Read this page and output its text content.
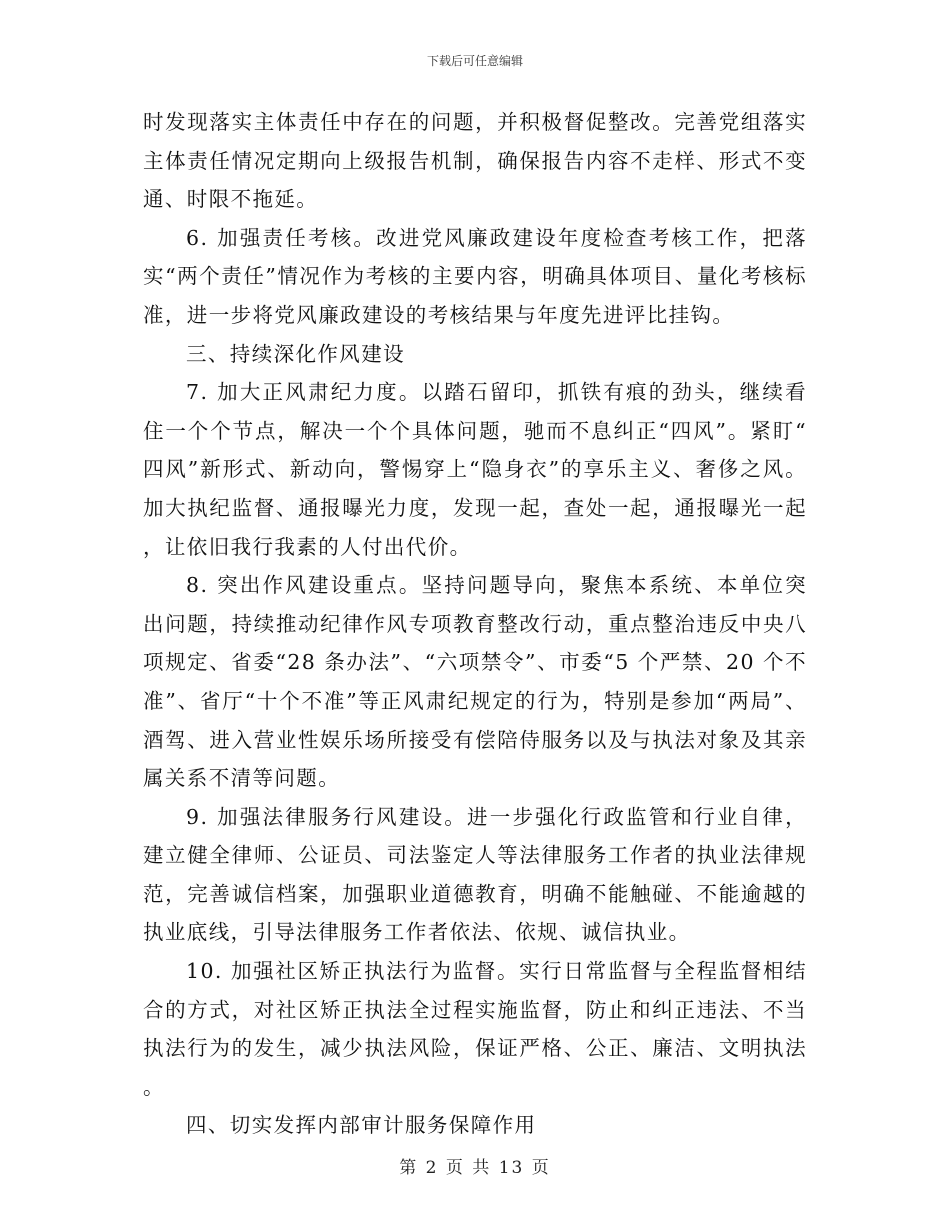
下载后可任意编辑

时发现落实主体责任中存在的问题，并积极督促整改。完善党组落实主体责任情况定期向上级报告机制，确保报告内容不走样、形式不变通、时限不拖延。

6. 加强责任考核。改进党风廉政建设年度检查考核工作，把落实“两个责任”情况作为考核的主要内容，明确具体项目、量化考核标准，进一步将党风廉政建设的考核结果与年度先进评比挂钩。

三、持续深化作风建设

7. 加大正风肃纪力度。以踏石留印，抓铁有痕的劲头，继续看住一个个节点，解决一个个具体问题，驰而不息纠正“四风”。紧盯“四风”新形式、新动向，警惕穿上“隐身衣”的享乐主义、奢侈之风。加大执纪监督、通报曝光力度，发现一起，查处一起，通报曝光一起，让依旧我行我素的人付出代价。

8. 突出作风建设重点。坚持问题导向，聚焦本系统、本单位突出问题，持续推动纪律作风专项教育整改行动，重点整治违反中央八项规定、省委“28 条办法”、“六项禁令”、市委“5 个严禁、20 个不准”、省厅“十个不准”等正风肃纪规定的行为，特别是参加“两局”、酒驾、进入营业性娱乐场所接受有偿陪侍服务以及与执法对象及其亲属关系不清等问题。

9. 加强法律服务行风建设。进一步强化行政监管和行业自律，建立健全律师、公证员、司法鉴定人等法律服务工作者的执业法律规范，完善诚信档案，加强职业道德教育，明确不能触碰、不能逾越的执业底线，引导法律服务工作者依法、依规、诚信执业。

10. 加强社区矫正执法行为监督。实行日常监督与全程监督相结合的方式，对社区矫正执法全过程实施监督，防止和纠正违法、不当执法行为的发生，减少执法风险，保证严格、公正、廉洁、文明执法。

四、切实发挥内部审计服务保障作用

第 2 页 共 13 页
